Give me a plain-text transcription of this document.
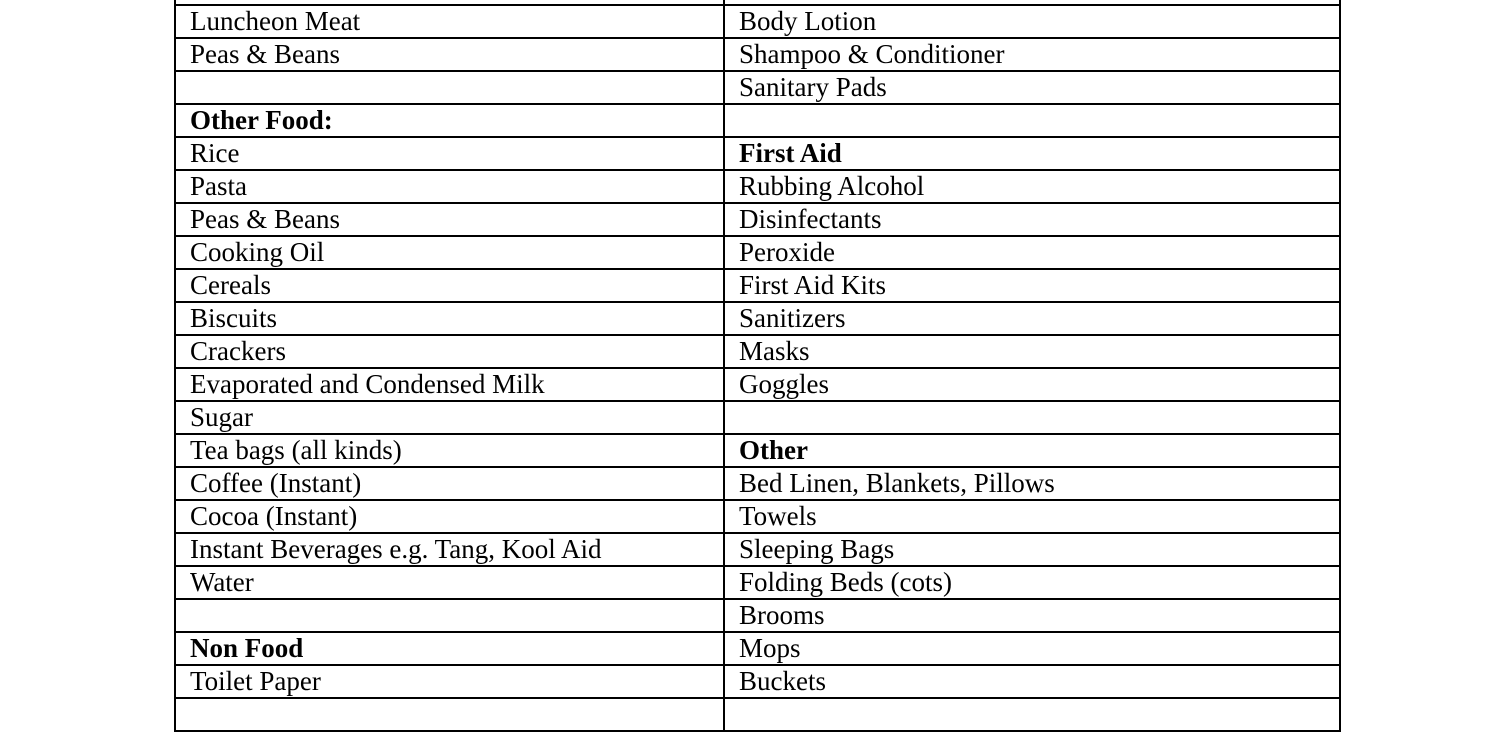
Luncheon Meat	Body Lotion
Peas & Beans	Shampoo & Conditioner
	Sanitary Pads
Other Food:	
Rice	First Aid
Pasta	Rubbing Alcohol
Peas & Beans	Disinfectants
Cooking Oil	Peroxide
Cereals	First Aid Kits
Biscuits	Sanitizers
Crackers	Masks
Evaporated and Condensed Milk	Goggles
Sugar	
Tea bags (all kinds)	Other
Coffee (Instant)	Bed Linen, Blankets, Pillows
Cocoa (Instant)	Towels
Instant Beverages e.g. Tang, Kool Aid	Sleeping Bags
Water	Folding Beds (cots)
	Brooms
Non Food	Mops
Toilet Paper	Buckets
